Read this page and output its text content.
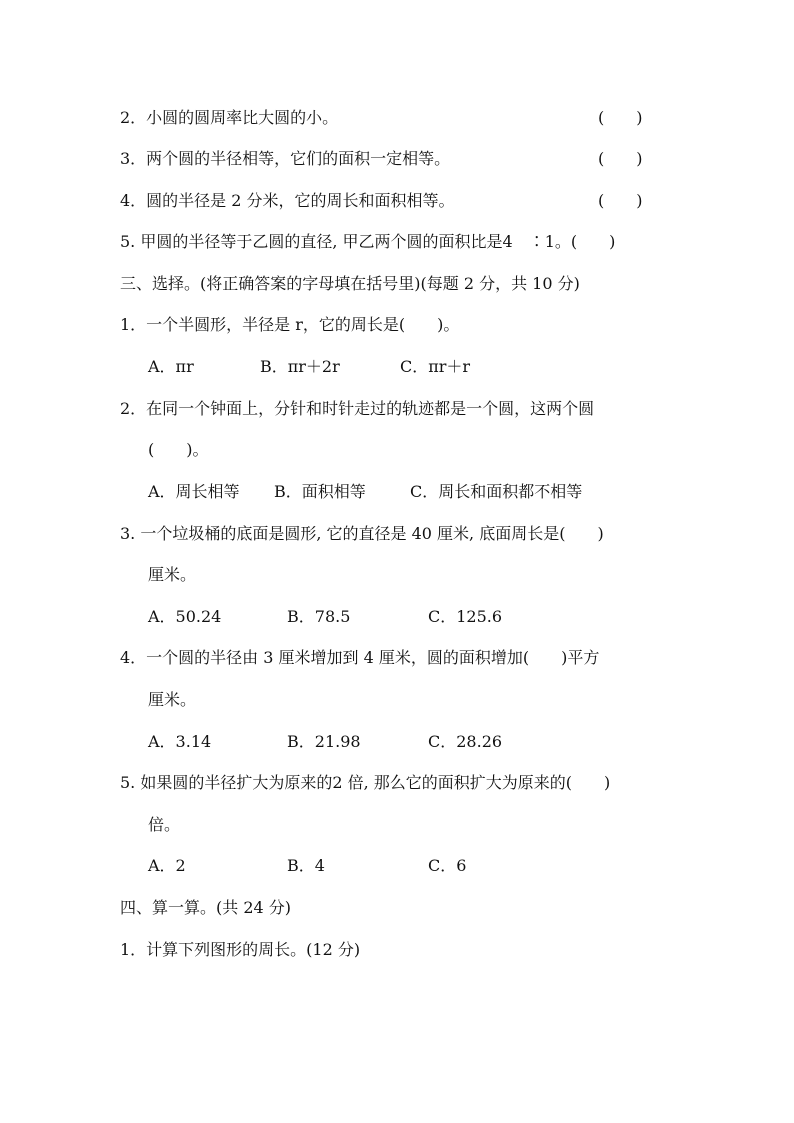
2．小圆的圆周率比大圆的小。	(　　)
3．两个圆的半径相等，它们的面积一定相等。	(　　)
4．圆的半径是 2 分米，它的周长和面积相等。	(　　)
5. 甲圆的半径等于乙圆的直径, 甲乙两个圆的面积比是4　∶1。(　　)
三、选择。(将正确答案的字母填在括号里)(每题 2 分，共 10 分)
1．一个半圆形，半径是 r，它的周长是(　　)。
A．πr	B．πr＋2r	C．πr＋r
2．在同一个钟面上，分针和时针走过的轨迹都是一个圆，这两个圆
(　　)。
A．周长相等 B．面积相等	C．周长和面积都不相等
3. 一个垃圾桶的底面是圆形, 它的直径是 40 厘米, 底面周长是(　　)
厘米。
A．50.24	B．78.5	C．125.6
4．一个圆的半径由 3 厘米增加到 4 厘米，圆的面积增加(　　)平方
厘米。
A．3.14	B．21.98	C．28.26
5. 如果圆的半径扩大为原来的2 倍, 那么它的面积扩大为原来的(　　)
倍。
A．2	B．4	C．6
四、算一算。(共 24 分)
1．计算下列图形的周长。(12 分)
